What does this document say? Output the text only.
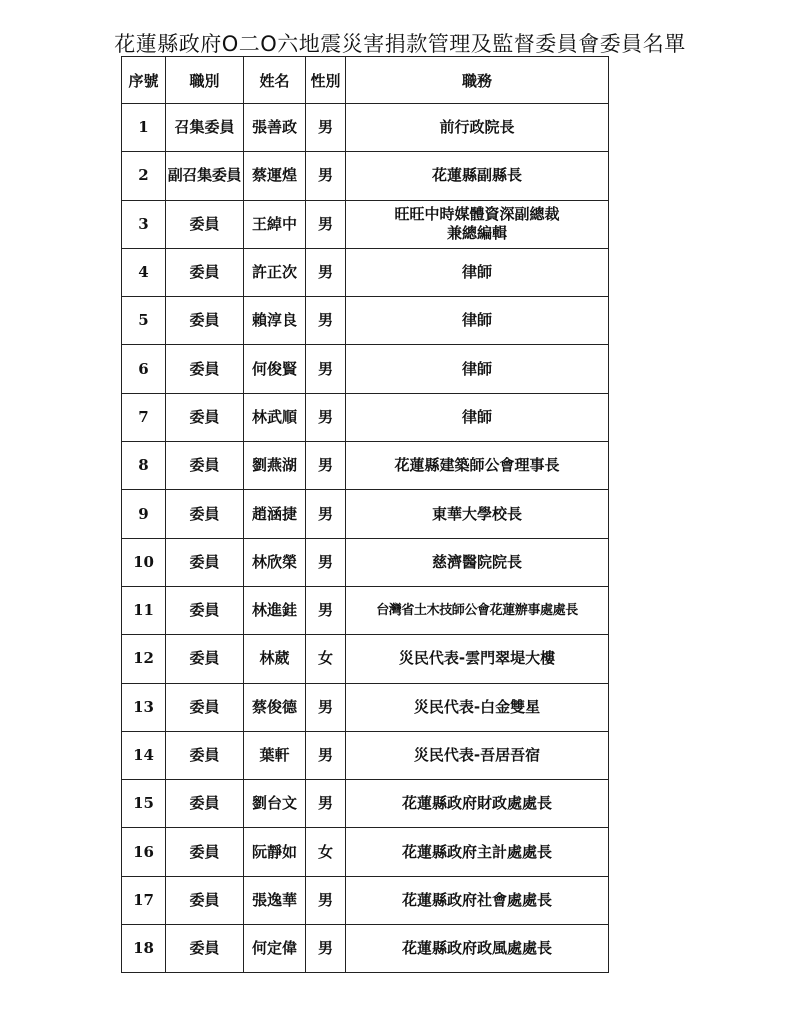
花蓮縣政府O二O六地震災害捐款管理及監督委員會委員名單
序號	職別	姓名	性別	職務
1	召集委員	張善政	男	前行政院長
2	副召集委員	蔡運煌	男	花蓮縣副縣長
3	委員	王綽中	男	旺旺中時媒體資深副總裁
兼總編輯
4	委員	許正次	男	律師
5	委員	賴淳良	男	律師
6	委員	何俊賢	男	律師
7	委員	林武順	男	律師
8	委員	劉燕湖	男	花蓮縣建築師公會理事長
9	委員	趙涵捷	男	東華大學校長
10	委員	林欣榮	男	慈濟醫院院長
11	委員	林進銈	男	台灣省土木技師公會花蓮辦事處處長
12	委員	林葳	女	災民代表-雲門翠堤大樓
13	委員	蔡俊德	男	災民代表-白金雙星
14	委員	葉軒	男	災民代表-吾居吾宿
15	委員	劉台文	男	花蓮縣政府財政處處長
16	委員	阮靜如	女	花蓮縣政府主計處處長
17	委員	張逸華	男	花蓮縣政府社會處處長
18	委員	何定偉	男	花蓮縣政府政風處處長
